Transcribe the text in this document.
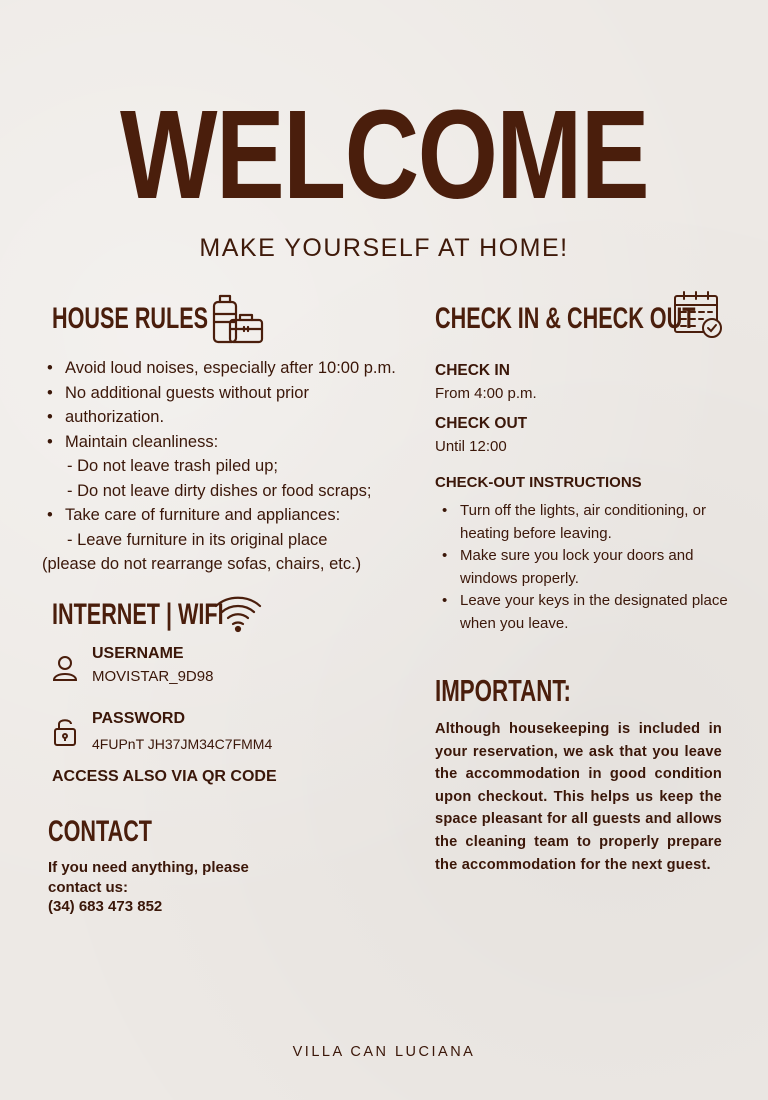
WELCOME
MAKE YOURSELF AT HOME!
HOUSE RULES
• Avoid loud noises, especially after 10:00 p.m.
• No additional guests without prior
• authorization.
• Maintain cleanliness:
- Do not leave trash piled up;
- Do not leave dirty dishes or food scraps;
• Take care of furniture and appliances:
- Leave furniture in its original place
(please do not rearrange sofas, chairs, etc.)
INTERNET | WIFI
USERNAME
MOVISTAR_9D98
PASSWORD
4FUPnT JH37JM34C7FMM4
ACCESS ALSO VIA QR CODE
CONTACT
If you need anything, please
contact us:
(34) 683 473 852
CHECK IN & CHECK OUT
CHECK IN
From 4:00 p.m.
CHECK OUT
Until 12:00
CHECK-OUT INSTRUCTIONS
• Turn off the lights, air conditioning, or heating before leaving.
• Make sure you lock your doors and windows properly.
• Leave your keys in the designated place when you leave.
IMPORTANT:
Although housekeeping is included in your reservation, we ask that you leave the accommodation in good condition upon checkout. This helps us keep the space pleasant for all guests and allows the cleaning team to properly prepare the accommodation for the next guest.
VILLA CAN LUCIANA
